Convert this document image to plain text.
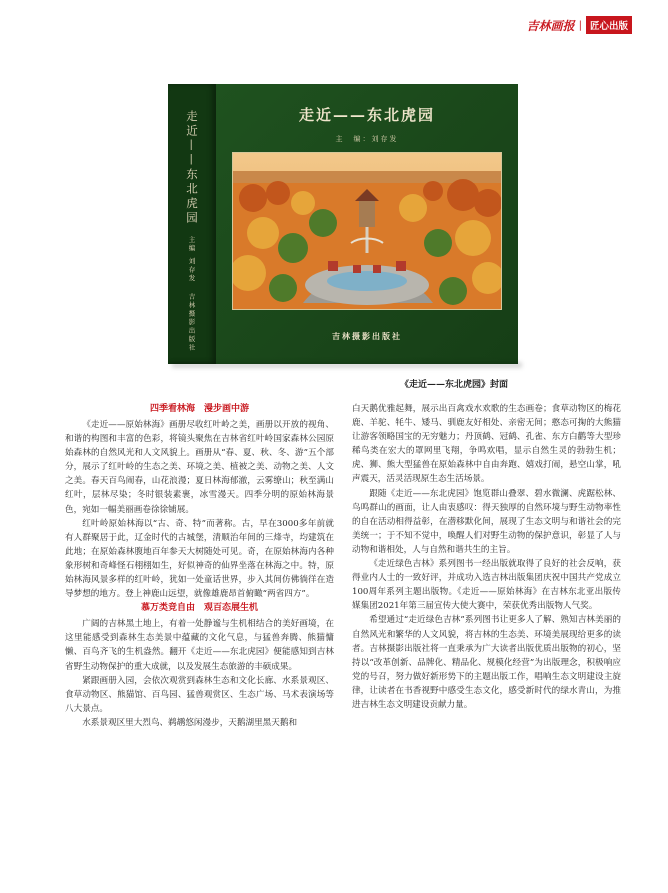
吉林画报 | 匠心出版
走近——东北虎园
主编 刘存发
吉林摄影出版社
走近——东北虎园
主　编：刘存发
吉林摄影出版社
《走近——东北虎园》封面
四季看林海　漫步画中游

《走近——原始林海》画册尽收红叶岭之美，画册以开放的视角、和谐的构图和丰富的色彩，将镜头聚焦在吉林省红叶岭国家森林公园原始森林的自然风光和人文风貌上。画册从“春、夏、秋、冬、游”五个部分，展示了红叶岭的生态之美、环境之美、植被之美、动物之美、人文之美。春天百鸟闹春，山花浪漫；夏日林海郁澈，云雾缭山；秋至满山红叶，层林尽染；冬时银装素裹，冰雪漫天。四季分明的原始林海景色，宛如一幅美丽画卷徐徐铺展。

红叶岭原始林海以“古、奇、特”而著称。古，早在3000多年前就有人群聚居于此，辽金时代的古城堡，清顺治年间的三烽寺，均建筑在此地；在原始森林腹地百年参天大树随处可见。奇，在原始林海内各种象形树和奇峰怪石栩栩如生，好似神奇的仙界坐落在林海之中。特，原始林海风景多样的红叶岭，犹如一处童话世界，步入其间仿佛徜徉在造导梦想的地方。登上神鹿山远望，就像雄鹿昂首俯瞰“两省四方”。

慕万类竞自由　观百态展生机

广阔的吉林黑土地上，有着一处静谧与生机相结合的美好画境，在这里能感受到森林生态美景中蕴藏的文化气息，与猛兽奔腾、熊猫慵懒、百鸟齐飞的生机盎然。翻开《走近——东北虎园》便能感知到吉林省野生动物保护的重大成就，以及发展生态旅游的丰硕成果。

紧跟画册入园，会依次观赏到森林生态和文化长廊、水系景观区、食草动物区、熊猫馆、百鸟园、猛兽观赏区、生态广场、马术表演场等八大景点。

水系景观区里大烈鸟、鹈鹕悠闲漫步，天鹅湖里黑天鹅和

白天鹅优雅起舞，展示出百禽戏水欢歌的生态画卷；食草动物区的梅花鹿、羊驼、牦牛、矮马、驯鹿友好相处、亲密无间；憨态可掬的大熊猫让游客领略国宝的无穷魅力；丹顶鹤、冠鹤、孔雀、东方白鹳等大型珍稀鸟类在宏大的罩网里飞翔，争鸣欢唱，显示自然生灵的勃勃生机；虎、狮、熊大型猛兽在原始森林中自由奔跑、嬉戏打闹，悬空山掌，吼声震天，活灵活现原生态生活场景。

跟随《走近——东北虎园》饱览群山叠翠、碧水微澜、虎踞松林、鸟鸣群山的画面，让人由衷感叹：得天独厚的自然环境与野生动物率性的自在活动相得益彰，在潜移默化间，展现了生态文明与和谐社会的完美统一；于不知不觉中，唤醒人们对野生动物的保护意识，彰显了人与动物和谐相处，人与自然和谐共生的主旨。

《走近绿色吉林》系列图书一经出版就取得了良好的社会反响，获得业内人士的一致好评，并成功入选吉林出版集团庆祝中国共产党成立100周年系列主题出版物。《走近——原始林海》在吉林东北亚出版传媒集团2021年第三届宣传大使大赛中，荣获优秀出版物人气奖。

希望通过“走近绿色吉林”系列图书让更多人了解、熟知吉林美丽的自然风光和繁华的人文风貌，将吉林的生态美、环境美展现给更多的读者。吉林摄影出版社将一直秉承为广大读者出版优质出版物的初心，坚持以“改革创新、品牌化、精品化、规模化经营”为出版理念，积极响应党的号召，努力做好新形势下的主题出版工作，唱响生态文明建设主旋律，让读者在书香视野中感受生态文化，感受新时代的绿水青山，为推进吉林生态文明建设贡献力量。
